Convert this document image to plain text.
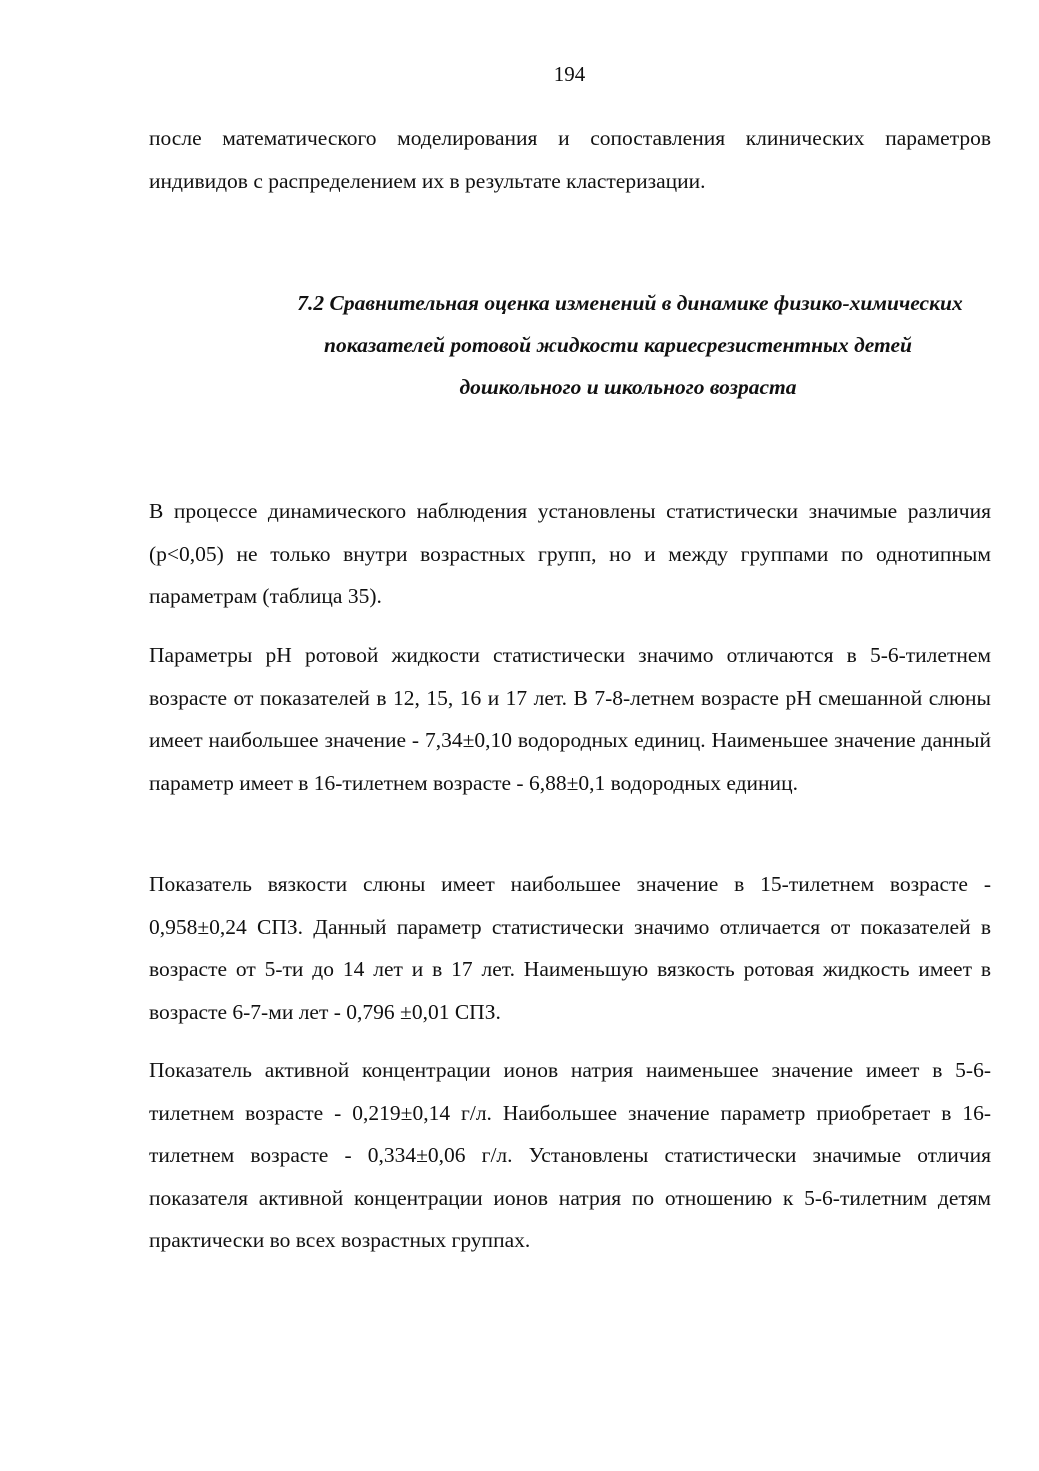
194

после математического моделирования и сопоставления клинических параметров индивидов с распределением их в результате кластеризации.

7.2 Сравнительная оценка изменений в динамике физико-химических
показателей ротовой жидкости кариесрезистентных детей
дошкольного и школьного возраста

В процессе динамического наблюдения установлены статистически значимые различия (р<0,05) не только внутри возрастных групп, но и между группами по однотипным параметрам (таблица 35).

Параметры pH ротовой жидкости статистически значимо отличаются в 5-6-тилетнем возрасте от показателей в 12, 15, 16 и 17 лет. В 7-8-летнем возрасте pH смешанной слюны имеет наибольшее значение - 7,34±0,10 водородных единиц. Наименьшее значение данный параметр имеет в 16-тилетнем возрасте - 6,88±0,1 водородных единиц.

Показатель вязкости слюны имеет наибольшее значение в 15-тилетнем возрасте - 0,958±0,24 СПЗ. Данный параметр статистически значимо отличается от показателей в возрасте от 5-ти до 14 лет и в 17 лет. Наименьшую вязкость ротовая жидкость имеет в возрасте 6-7-ми лет - 0,796 ±0,01 СПЗ.

Показатель активной концентрации ионов натрия наименьшее значение имеет в 5-6-тилетнем возрасте - 0,219±0,14 г/л. Наибольшее значение параметр приобретает в 16-тилетнем возрасте - 0,334±0,06 г/л. Установлены статистически значимые отличия показателя активной концентрации ионов натрия по отношению к 5-6-тилетним детям практически во всех возрастных группах.
